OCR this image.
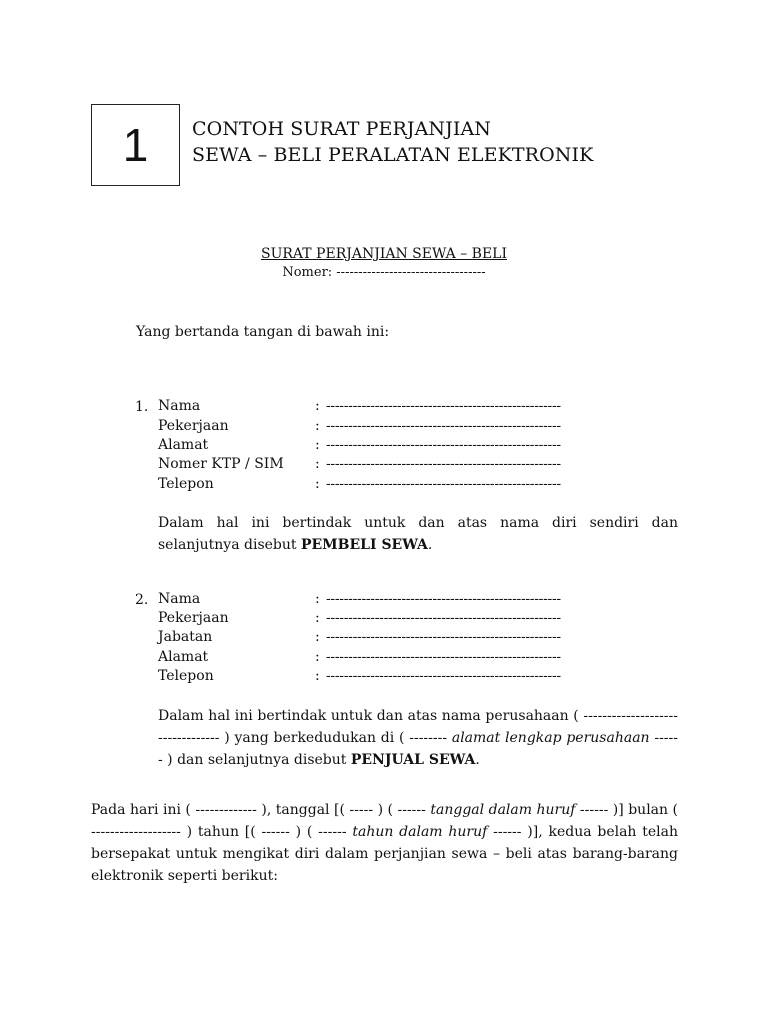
1 CONTOH SURAT PERJANJIAN
SEWA – BELI PERALATAN ELEKTRONIK
SURAT PERJANJIAN SEWA – BELI
Nomer: ----------------------------------
Yang bertanda tangan di bawah ini:
1. Nama	: -----------------------------------------------------
Pekerjaan	: -----------------------------------------------------
Alamat	: -----------------------------------------------------
Nomer KTP / SIM : -----------------------------------------------------
Telepon	: -----------------------------------------------------
Dalam hal ini bertindak untuk dan atas nama diri sendiri dan selanjutnya disebut PEMBELI SEWA.
2. Nama	: -----------------------------------------------------
Pekerjaan	: -----------------------------------------------------
Jabatan	: -----------------------------------------------------
Alamat	: -----------------------------------------------------
Telepon	: -----------------------------------------------------
Dalam hal ini bertindak untuk dan atas nama perusahaan ( --------------------------------- ) yang berkedudukan di ( -------- alamat lengkap perusahaan ------ ) dan selanjutnya disebut PENJUAL SEWA.
Pada hari ini ( ------------- ), tanggal [( ----- ) ( ------ tanggal dalam huruf ------ )] bulan ( ------------------- ) tahun [( ------ ) ( ------ tahun dalam huruf ------ )], kedua belah telah bersepakat untuk mengikat diri dalam perjanjian sewa – beli atas barang-barang elektronik seperti berikut:
